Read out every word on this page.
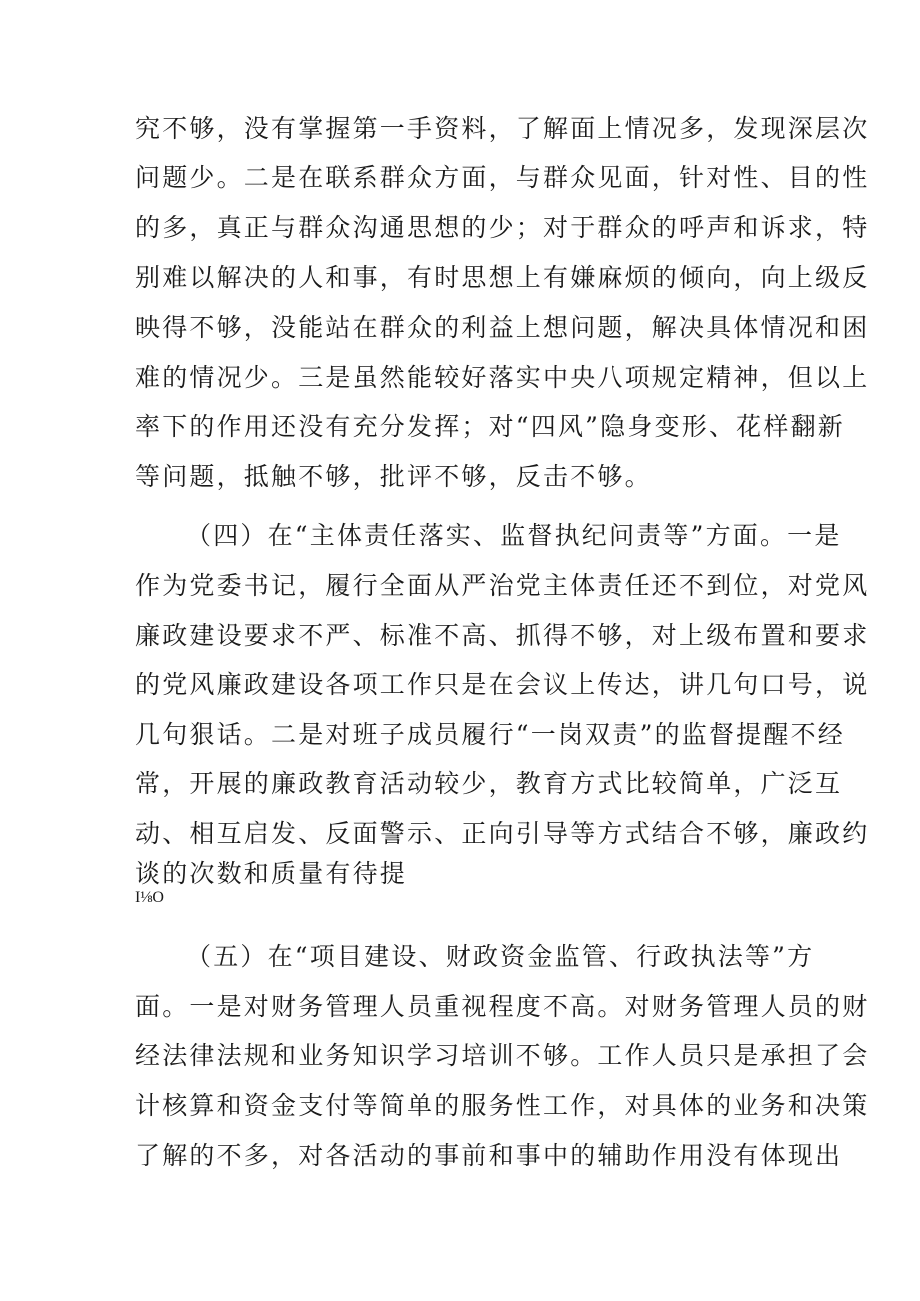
究不够，没有掌握第一手资料，了解面上情况多，发现深层次
问题少。二是在联系群众方面，与群众见面，针对性、目的性
的多，真正与群众沟通思想的少；对于群众的呼声和诉求，特
别难以解决的人和事，有时思想上有嫌麻烦的倾向，向上级反
映得不够，没能站在群众的利益上想问题，解决具体情况和困
难的情况少。三是虽然能较好落实中央八项规定精神，但以上
率下的作用还没有充分发挥；对“四风”隐身变形、花样翻新
等问题，抵触不够，批评不够，反击不够。
（四）在“主体责任落实、监督执纪问责等”方面。一是
作为党委书记，履行全面从严治党主体责任还不到位，对党风
廉政建设要求不严、标准不高、抓得不够，对上级布置和要求
的党风廉政建设各项工作只是在会议上传达，讲几句口号，说
几句狠话。二是对班子成员履行“一岗双责”的监督提醒不经
常，开展的廉政教育活动较少，教育方式比较简单，广泛互
动、相互启发、反面警示、正向引导等方式结合不够，廉政约
谈的次数和质量有待提
I⅛O
（五）在“项目建设、财政资金监管、行政执法等”方
面。一是对财务管理人员重视程度不高。对财务管理人员的财
经法律法规和业务知识学习培训不够。工作人员只是承担了会
计核算和资金支付等简单的服务性工作，对具体的业务和决策
了解的不多，对各活动的事前和事中的辅助作用没有体现出
